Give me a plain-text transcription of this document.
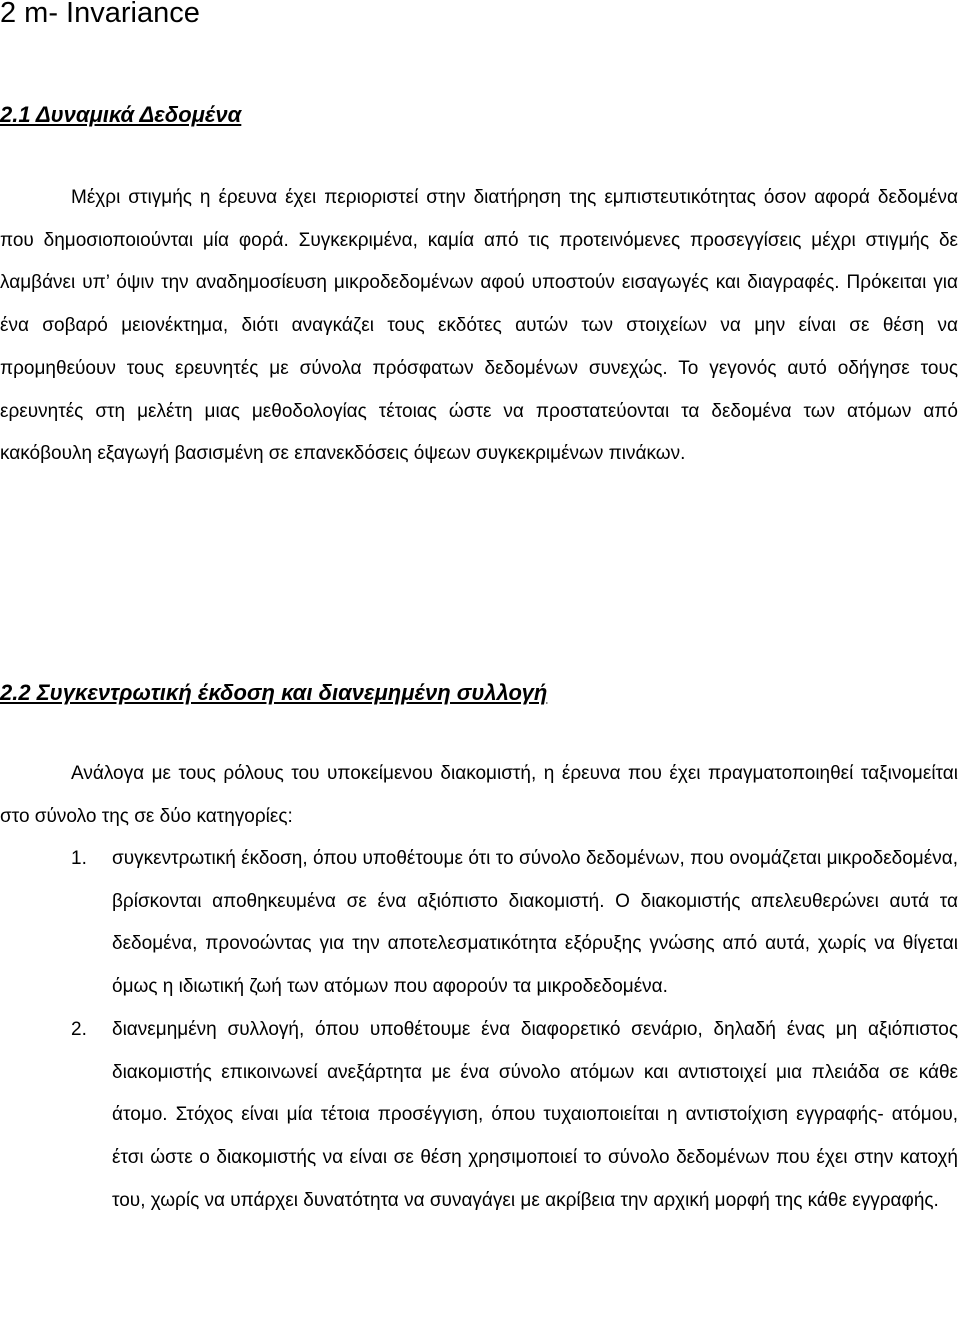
2 m- Invariance
2.1 Δυναμικά Δεδομένα

Μέχρι στιγμής η έρευνα έχει περιοριστεί στην διατήρηση της εμπιστευτικότητας όσον αφορά δεδομένα που δημοσιοποιούνται μία φορά. Συγκεκριμένα, καμία από τις προτεινόμενες προσεγγίσεις μέχρι στιγμής δε λαμβάνει υπ’ όψιν την αναδημοσίευση μικροδεδομένων αφού υποστούν εισαγωγές και διαγραφές. Πρόκειται για ένα σοβαρό μειονέκτημα, διότι αναγκάζει τους εκδότες αυτών των στοιχείων να μην είναι σε θέση να προμηθεύουν τους ερευνητές με σύνολα πρόσφατων δεδομένων συνεχώς. Το γεγονός αυτό οδήγησε τους ερευνητές στη μελέτη μιας μεθοδολογίας τέτοιας ώστε να προστατεύονται τα δεδομένα των ατόμων από κακόβουλη εξαγωγή βασισμένη σε επανεκδόσεις όψεων συγκεκριμένων πινάκων.

2.2 Συγκεντρωτική έκδοση και διανεμημένη συλλογή

Ανάλογα με τους ρόλους του υποκείμενου διακομιστή, η έρευνα που έχει πραγματοποιηθεί ταξινομείται στο σύνολο της σε δύο κατηγορίες:

1. συγκεντρωτική έκδοση, όπου υποθέτουμε ότι το σύνολο δεδομένων, που ονομάζεται μικροδεδομένα, βρίσκονται αποθηκευμένα σε ένα αξιόπιστο διακομιστή. Ο διακομιστής απελευθερώνει αυτά τα δεδομένα, προνοώντας για την αποτελεσματικότητα εξόρυξης γνώσης από αυτά, χωρίς να θίγεται όμως η ιδιωτική ζωή των ατόμων που αφορούν τα μικροδεδομένα.
2. διανεμημένη συλλογή, όπου υποθέτουμε ένα διαφορετικό σενάριο, δηλαδή ένας μη αξιόπιστος διακομιστής επικοινωνεί ανεξάρτητα με ένα σύνολο ατόμων και αντιστοιχεί μια πλειάδα σε κάθε άτομο. Στόχος είναι μία τέτοια προσέγγιση, όπου τυχαιοποιείται η αντιστοίχιση εγγραφής- ατόμου, έτσι ώστε ο διακομιστής να είναι σε θέση χρησιμοποιεί το σύνολο δεδομένων που έχει στην κατοχή του, χωρίς να υπάρχει δυνατότητα να συναγάγει με ακρίβεια την αρχική μορφή της κάθε εγγραφής.
